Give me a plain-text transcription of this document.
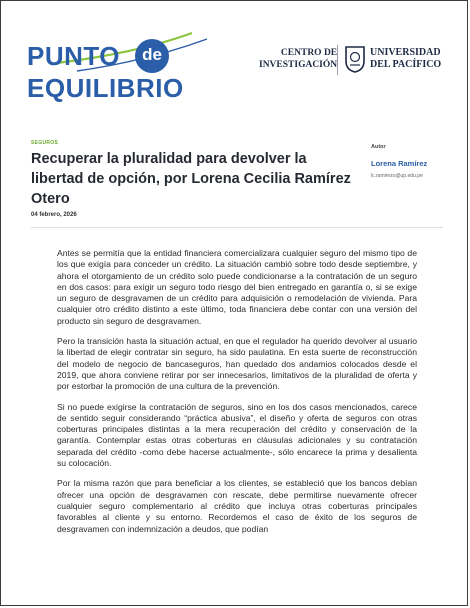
PUNTO	de
EQUILIBRIO
CENTRO DE
INVESTIGACIÓN
UNIVERSIDAD
DEL PACÍFICO
SEGUROS
Recuperar la pluralidad para devolver la libertad de opción, por Lorena Cecilia Ramírez Otero
04 febrero, 2026
Autor
Lorena Ramírez
lc.ramirezo@up.edu.pe

Antes se permitía que la entidad financiera comercializara cualquier seguro del mismo tipo de los que exigía para conceder un crédito. La situación cambió sobre todo desde septiembre, y ahora el otorgamiento de un crédito solo puede condicionarse a la contratación de un seguro en dos casos: para exigir un seguro todo riesgo del bien entregado en garantía o, si se exige un seguro de desgravamen de un crédito para adquisición o remodelación de vivienda. Para cualquier otro crédito distinto a este último, toda financiera debe contar con una versión del producto sin seguro de desgravamen.

Pero la transición hasta la situación actual, en que el regulador ha querido devolver al usuario la libertad de elegir contratar sin seguro, ha sido paulatina. En esta suerte de reconstrucción del modelo de negocio de bancaseguros, han quedado dos andamios colocados desde el 2019, que ahora conviene retirar por ser innecesarios, limitativos de la pluralidad de oferta y por estorbar la promoción de una cultura de la prevención.

Si no puede exigirse la contratación de seguros, sino en los dos casos mencionados, carece de sentido seguir considerando “práctica abusiva”, el diseño y oferta de seguros con otras coberturas principales distintas a la mera recuperación del crédito y conservación de la garantía. Contemplar estas otras coberturas en cláusulas adicionales y su contratación separada del crédito -como debe hacerse actualmente-, sólo encarece la prima y desalienta su colocación.

Por la misma razón que para beneficiar a los clientes, se estableció que los bancos debían ofrecer una opción de desgravamen con rescate, debe permitirse nuevamente ofrecer cualquier seguro complementario al crédito que incluya otras coberturas principales favorables al cliente y su entorno. Recordemos el caso de éxito de los seguros de desgravamen con indemnización a deudos, que podían
